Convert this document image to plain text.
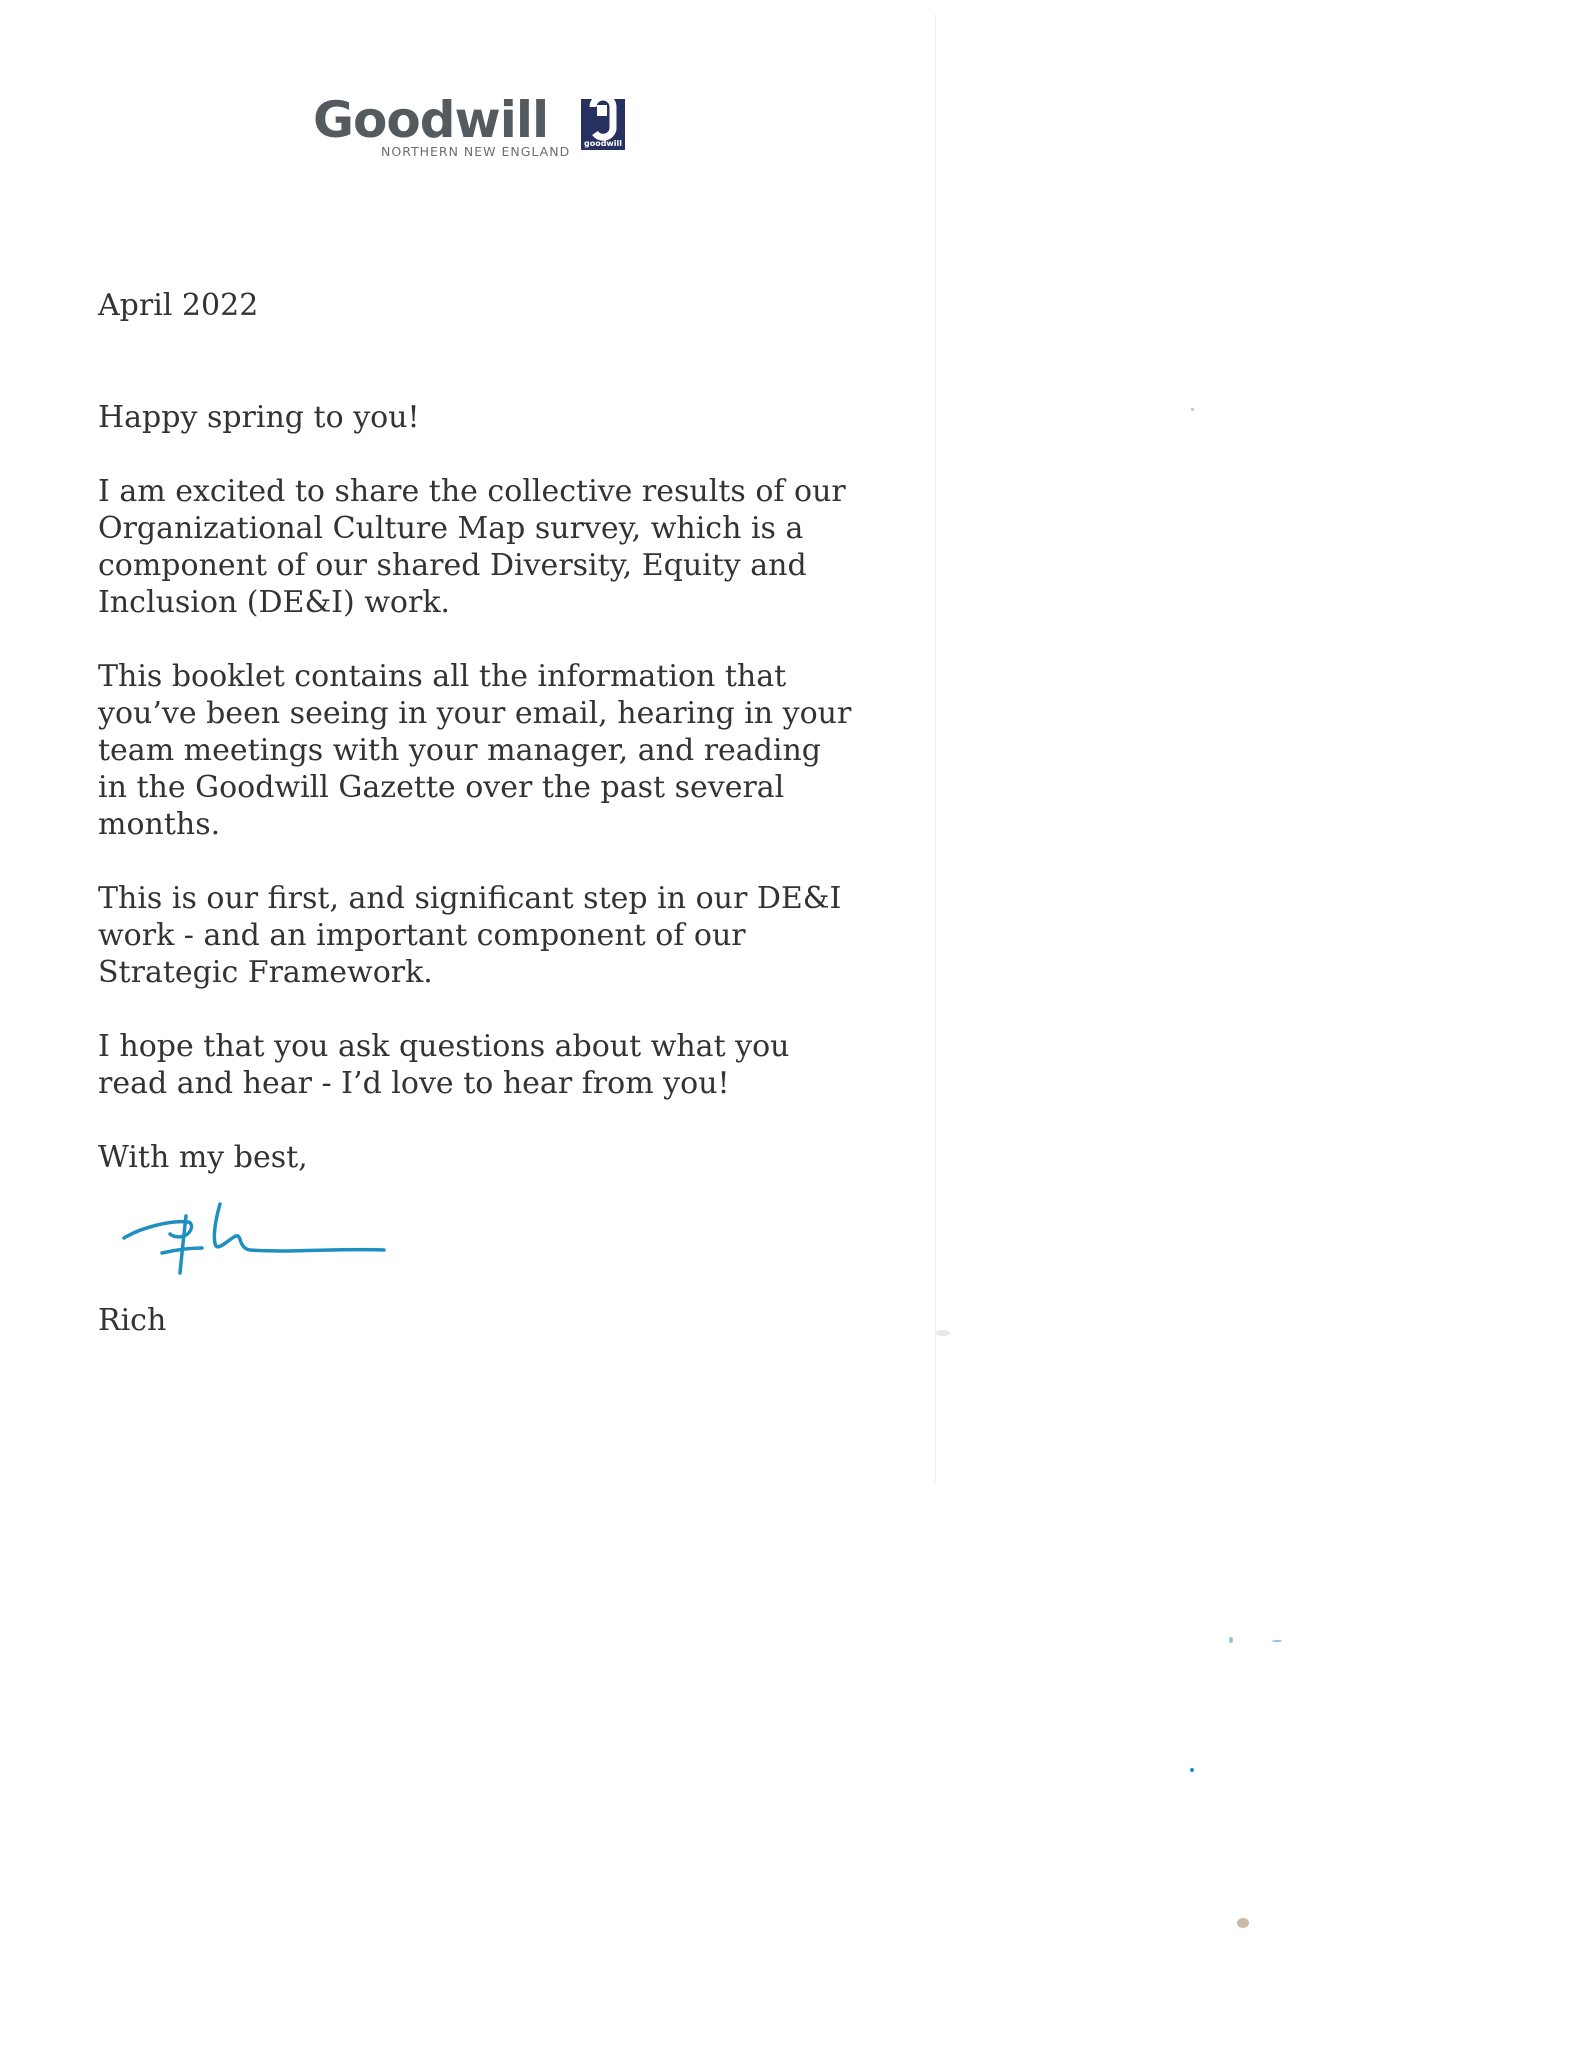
Goodwill
NORTHERN NEW ENGLAND
goodwill

April 2022

Happy spring to you!

I am excited to share the collective results of our Organizational Culture Map survey, which is a component of our shared Diversity, Equity and Inclusion (DE&I) work.

This booklet contains all the information that you’ve been seeing in your email, hearing in your team meetings with your manager, and reading in the Goodwill Gazette over the past several months.

This is our first, and significant step in our DE&I work - and an important component of our Strategic Framework.

I hope that you ask questions about what you read and hear - I’d love to hear from you!

With my best,

Rich
